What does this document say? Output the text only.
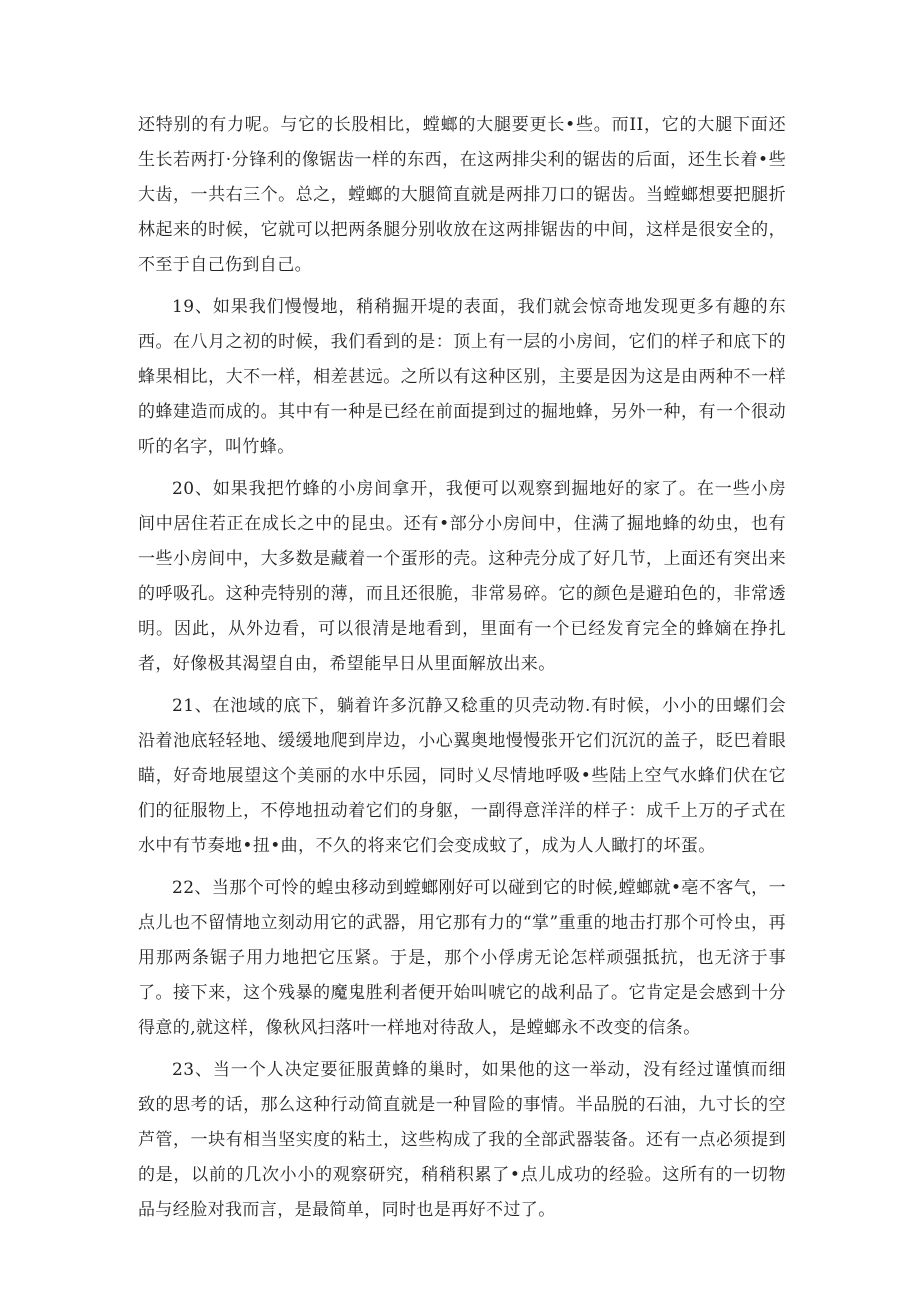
还特别的有力呢。与它的长股相比，螳螂的大腿要更长•些。而II，它的大腿下面还生长若两打·分锋利的像锯齿一样的东西，在这两排尖利的锯齿的后面，还生长着•些大齿，一共右三个。总之，螳螂的大腿简直就是两排刀口的锯齿。当螳螂想要把腿折林起来的时候，它就可以把两条腿分别收放在这两排锯齿的中间，这样是很安全的，不至于自己伤到自己。

19、如果我们慢慢地，稍稍掘开堤的表面，我们就会惊奇地发现更多有趣的东西。在八月之初的时候，我们看到的是：顶上有一层的小房间，它们的样子和底下的蜂果相比，大不一样，相差甚远。之所以有这种区别，主要是因为这是由两种不一样的蜂建造而成的。其中有一种是已经在前面提到过的掘地蜂，另外一种，有一个很动听的名字，叫竹蜂。

20、如果我把竹蜂的小房间拿开，我便可以观察到掘地好的家了。在一些小房间中居住若正在成长之中的昆虫。还有•部分小房间中，住满了掘地蜂的幼虫，也有一些小房间中，大多数是藏着一个蛋形的壳。这种壳分成了好几节，上面还有突出来的呼吸孔。这种壳特别的薄，而且还很脆，非常易碎。它的颜色是避珀色的，非常透明。因此，从外边看，可以很清是地看到，里面有一个已经发育完全的蜂嫡在挣扎者，好像极其渴望自由，希望能早日从里面解放出来。

21、在池域的底下，躺着许多沉静又稔重的贝壳动物.有时候，小小的田螺们会沿着池底轻轻地、缓缓地爬到岸边，小心翼奥地慢慢张开它们沉沉的盖子，眨巴着眼瞄，好奇地展望这个美丽的水中乐园，同时乂尽情地呼吸•些陆上空气水蜂们伏在它们的征服物上，不停地扭动着它们的身躯，一副得意洋洋的样子：成千上万的孑式在水中有节奏地•扭•曲，不久的将来它们会变成蚊了，成为人人瞰打的坏蛋。

22、当那个可怜的蝗虫移动到螳螂刚好可以碰到它的时候,螳螂就•亳不客气，一点儿也不留情地立刻动用它的武器，用它那有力的“掌”重重的地击打那个可怜虫，再用那两条锯子用力地把它压紧。于是，那个小俘虏无论怎样顽强抵抗，也无济于事了。接下来，这个残暴的魔鬼胜利者便开始叫唬它的战利品了。它肯定是会感到十分得意的,就这样，像秋风扫落叶一样地对待敌人，是螳螂永不改变的信条。

23、当一个人决定要征服黄蜂的巢时，如果他的这一举动，没有经过谨慎而细致的思考的话，那么这种行动简直就是一种冒险的事情。半品脱的石油，九寸长的空芦管，一块有相当坚实度的粘土，这些构成了我的全部武器装备。还有一点必须提到的是，以前的几次小小的观察研究，稍稍积累了•点儿成功的经验。这所有的一切物品与经脸对我而言，是最简单，同时也是再好不过了。
